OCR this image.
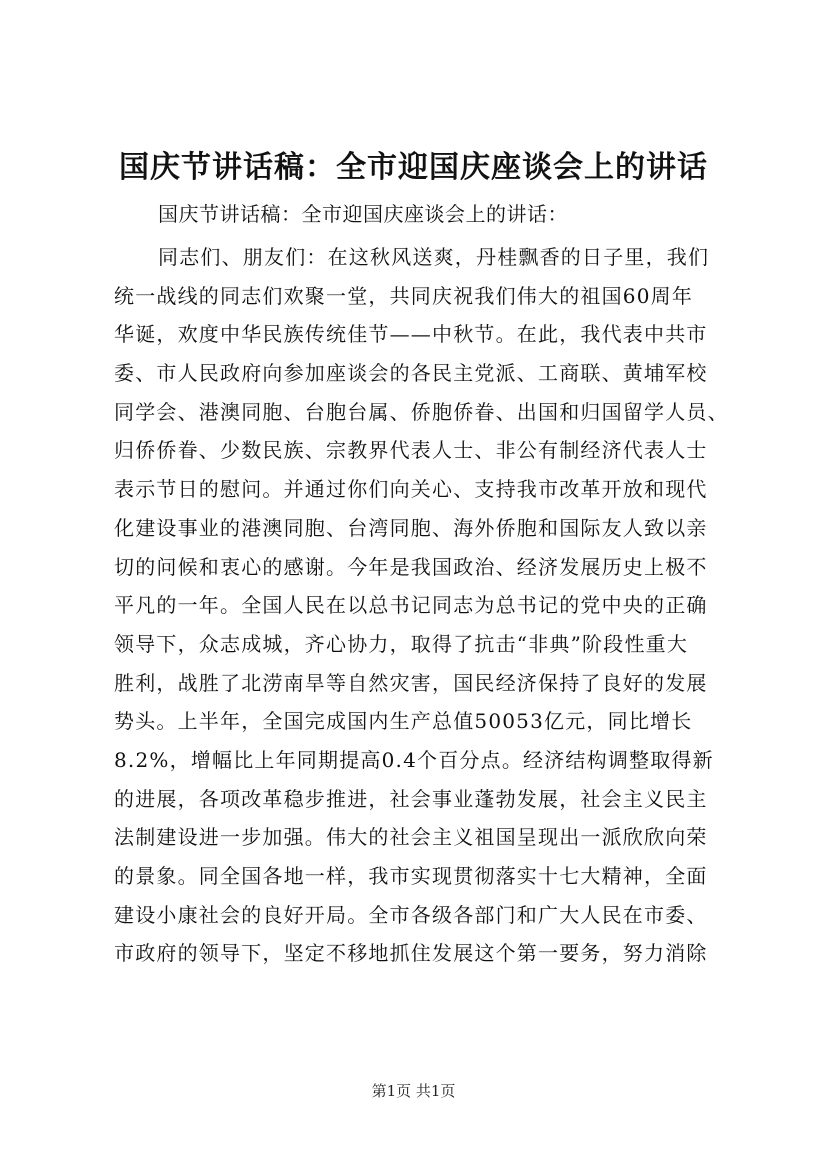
国庆节讲话稿：全市迎国庆座谈会上的讲话
国庆节讲话稿：全市迎国庆座谈会上的讲话：
同志们、朋友们：在这秋风送爽，丹桂飘香的日子里，我们
统一战线的同志们欢聚一堂，共同庆祝我们伟大的祖国60周年
华诞，欢度中华民族传统佳节——中秋节。在此，我代表中共市
委、市人民政府向参加座谈会的各民主党派、工商联、黄埔军校
同学会、港澳同胞、台胞台属、侨胞侨眷、出国和归国留学人员、
归侨侨眷、少数民族、宗教界代表人士、非公有制经济代表人士
表示节日的慰问。并通过你们向关心、支持我市改革开放和现代
化建设事业的港澳同胞、台湾同胞、海外侨胞和国际友人致以亲
切的问候和衷心的感谢。今年是我国政治、经济发展历史上极不
平凡的一年。全国人民在以总书记同志为总书记的党中央的正确
领导下，众志成城，齐心协力，取得了抗击“非典”阶段性重大
胜利，战胜了北涝南旱等自然灾害，国民经济保持了良好的发展
势头。上半年，全国完成国内生产总值50053亿元，同比增长
8.2%，增幅比上年同期提高0.4个百分点。经济结构调整取得新
的进展，各项改革稳步推进，社会事业蓬勃发展，社会主义民主
法制建设进一步加强。伟大的社会主义祖国呈现出一派欣欣向荣
的景象。同全国各地一样，我市实现贯彻落实十七大精神，全面
建设小康社会的良好开局。全市各级各部门和广大人民在市委、
市政府的领导下，坚定不移地抓住发展这个第一要务，努力消除
第1页 共1页
